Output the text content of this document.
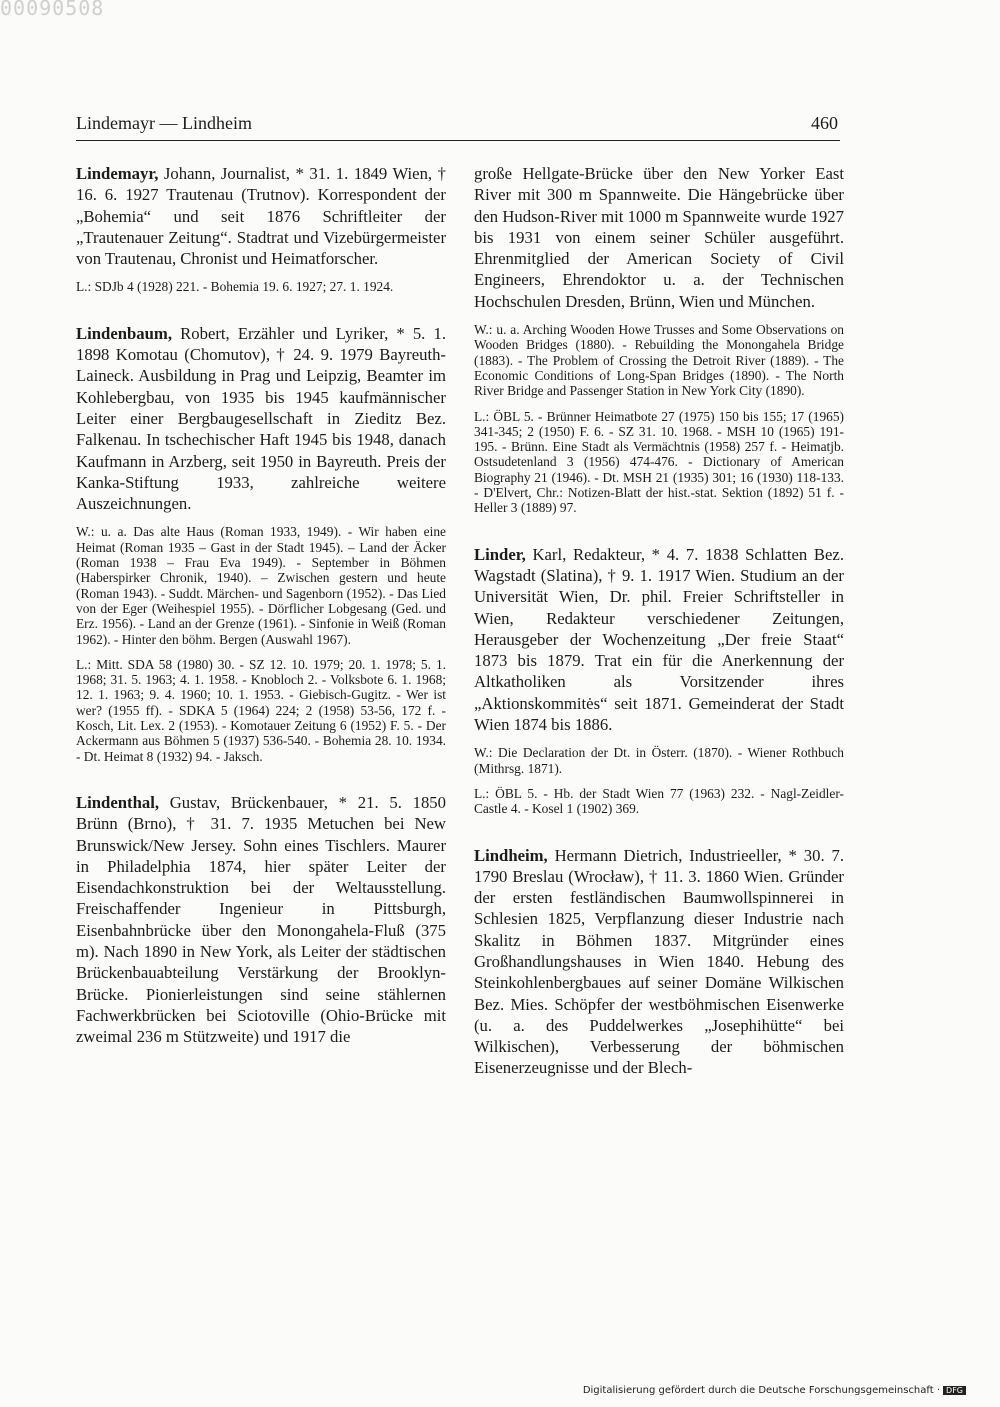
00090508
Lindemayr — Lindheim	460

Lindemayr, Johann, Journalist, * 31. 1. 1849 Wien, † 16. 6. 1927 Trautenau (Trutnov). Korrespondent der „Bohemia“ und seit 1876 Schriftleiter der „Trautenauer Zeitung“. Stadtrat und Vizebürgermeister von Trautenau, Chronist und Heimatforscher.

L.: SDJb 4 (1928) 221. - Bohemia 19. 6. 1927; 27. 1. 1924.

Lindenbaum, Robert, Erzähler und Lyriker, * 5. 1. 1898 Komotau (Chomutov), † 24. 9. 1979 Bayreuth-Laineck. Ausbildung in Prag und Leipzig, Beamter im Kohlebergbau, von 1935 bis 1945 kaufmännischer Leiter einer Bergbaugesellschaft in Zieditz Bez. Falkenau. In tschechischer Haft 1945 bis 1948, danach Kaufmann in Arzberg, seit 1950 in Bayreuth. Preis der Kanka-Stiftung 1933, zahlreiche weitere Auszeichnungen.

W.: u. a. Das alte Haus (Roman 1933, 1949). - Wir haben eine Heimat (Roman 1935 – Gast in der Stadt 1945). – Land der Äcker (Roman 1938 – Frau Eva 1949). - September in Böhmen (Haberspirker Chronik, 1940). – Zwischen gestern und heute (Roman 1943). - Suddt. Märchen- und Sagenborn (1952). - Das Lied von der Eger (Weihespiel 1955). - Dörflicher Lobgesang (Ged. und Erz. 1956). - Land an der Grenze (1961). - Sinfonie in Weiß (Roman 1962). - Hinter den böhm. Bergen (Auswahl 1967).

L.: Mitt. SDA 58 (1980) 30. - SZ 12. 10. 1979; 20. 1. 1978; 5. 1. 1968; 31. 5. 1963; 4. 1. 1958. - Knobloch 2. - Volksbote 6. 1. 1968; 12. 1. 1963; 9. 4. 1960; 10. 1. 1953. - Giebisch-Gugitz. - Wer ist wer? (1955 ff). - SDKA 5 (1964) 224; 2 (1958) 53-56, 172 f. - Kosch, Lit. Lex. 2 (1953). - Komotauer Zeitung 6 (1952) F. 5. - Der Ackermann aus Böhmen 5 (1937) 536-540. - Bohemia 28. 10. 1934. - Dt. Heimat 8 (1932) 94. - Jaksch.

Lindenthal, Gustav, Brückenbauer, * 21. 5. 1850 Brünn (Brno), † 31. 7. 1935 Metuchen bei New Brunswick/New Jersey. Sohn eines Tischlers. Maurer in Philadelphia 1874, hier später Leiter der Eisendachkonstruktion bei der Weltausstellung. Freischaffender Ingenieur in Pittsburgh, Eisenbahnbrücke über den Monongahela-Fluß (375 m). Nach 1890 in New York, als Leiter der städtischen Brückenbauabteilung Verstärkung der Brooklyn-Brücke. Pionierleistungen sind seine stählernen Fachwerkbrücken bei Sciotoville (Ohio-Brücke mit zweimal 236 m Stützweite) und 1917 die

große Hellgate-Brücke über den New Yorker East River mit 300 m Spannweite. Die Hängebrücke über den Hudson-River mit 1000 m Spannweite wurde 1927 bis 1931 von einem seiner Schüler ausgeführt. Ehrenmitglied der American Society of Civil Engineers, Ehrendoktor u. a. der Technischen Hochschulen Dresden, Brünn, Wien und München.

W.: u. a. Arching Wooden Howe Trusses and Some Observations on Wooden Bridges (1880). - Rebuilding the Monongahela Bridge (1883). - The Problem of Crossing the Detroit River (1889). - The Economic Conditions of Long-Span Bridges (1890). - The North River Bridge and Passenger Station in New York City (1890).

L.: ÖBL 5. - Brünner Heimatbote 27 (1975) 150 bis 155; 17 (1965) 341-345; 2 (1950) F. 6. - SZ 31. 10. 1968. - MSH 10 (1965) 191-195. - Brünn. Eine Stadt als Vermächtnis (1958) 257 f. - Heimatjb. Ostsudetenland 3 (1956) 474-476. - Dictionary of American Biography 21 (1946). - Dt. MSH 21 (1935) 301; 16 (1930) 118-133. - D'Elvert, Chr.: Notizen-Blatt der hist.-stat. Sektion (1892) 51 f. - Heller 3 (1889) 97.

Linder, Karl, Redakteur, * 4. 7. 1838 Schlatten Bez. Wagstadt (Slatina), † 9. 1. 1917 Wien. Studium an der Universität Wien, Dr. phil. Freier Schriftsteller in Wien, Redakteur verschiedener Zeitungen, Herausgeber der Wochenzeitung „Der freie Staat“ 1873 bis 1879. Trat ein für die Anerkennung der Altkatholiken als Vorsitzender ihres „Aktionskommitės“ seit 1871. Gemeinderat der Stadt Wien 1874 bis 1886.

W.: Die Declaration der Dt. in Österr. (1870). - Wiener Rothbuch (Mithrsg. 1871).

L.: ÖBL 5. - Hb. der Stadt Wien 77 (1963) 232. - Nagl-Zeidler-Castle 4. - Kosel 1 (1902) 369.

Lindheim, Hermann Dietrich, Industrieeller, * 30. 7. 1790 Breslau (Wrocław), † 11. 3. 1860 Wien. Gründer der ersten festländischen Baumwollspinnerei in Schlesien 1825, Verpflanzung dieser Industrie nach Skalitz in Böhmen 1837. Mitgründer eines Großhandlungshauses in Wien 1840. Hebung des Steinkohlenbergbaues auf seiner Domäne Wilkischen Bez. Mies. Schöpfer der westböhmischen Eisenwerke (u. a. des Puddelwerkes „Josephihütte“ bei Wilkischen), Verbesserung der böhmischen Eisenerzeugnisse und der Blech-

Digitalisierung gefördert durch die Deutsche Forschungsgemeinschaft · DFG
